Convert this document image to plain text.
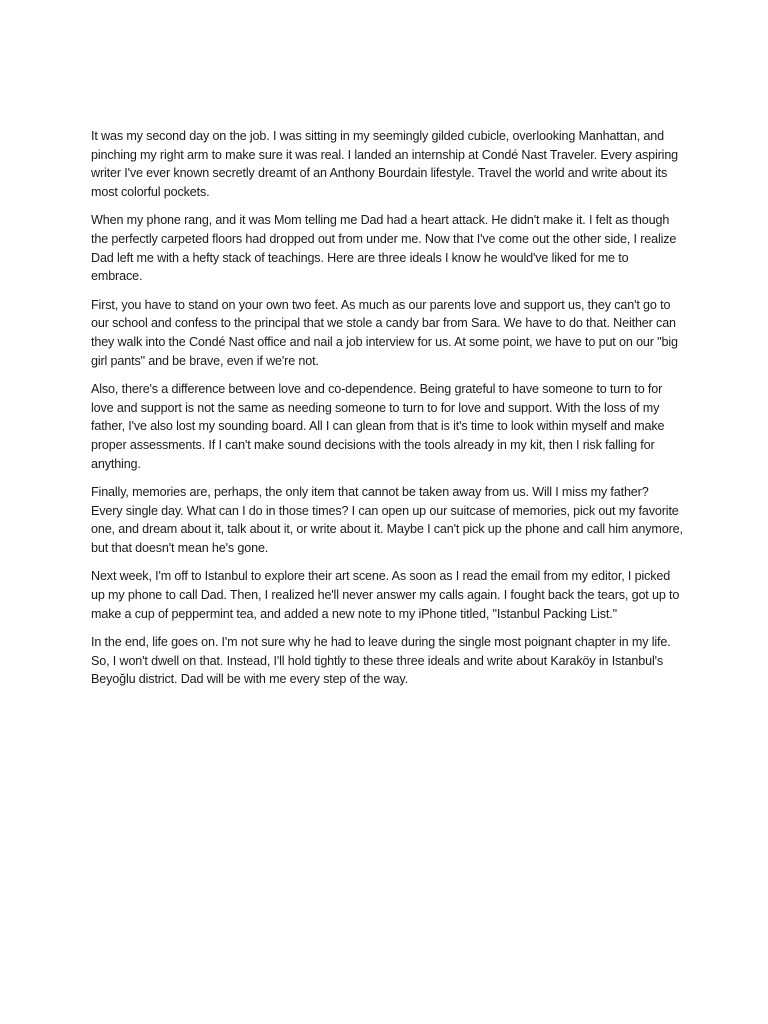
It was my second day on the job. I was sitting in my seemingly gilded cubicle, overlooking Manhattan, and pinching my right arm to make sure it was real. I landed an internship at Condé Nast Traveler. Every aspiring writer I've ever known secretly dreamt of an Anthony Bourdain lifestyle. Travel the world and write about its most colorful pockets.

When my phone rang, and it was Mom telling me Dad had a heart attack. He didn't make it. I felt as though the perfectly carpeted floors had dropped out from under me. Now that I've come out the other side, I realize Dad left me with a hefty stack of teachings. Here are three ideals I know he would've liked for me to embrace.

First, you have to stand on your own two feet. As much as our parents love and support us, they can't go to our school and confess to the principal that we stole a candy bar from Sara. We have to do that. Neither can they walk into the Condé Nast office and nail a job interview for us. At some point, we have to put on our "big girl pants" and be brave, even if we're not.

Also, there's a difference between love and co-dependence. Being grateful to have someone to turn to for love and support is not the same as needing someone to turn to for love and support. With the loss of my father, I've also lost my sounding board. All I can glean from that is it's time to look within myself and make proper assessments. If I can't make sound decisions with the tools already in my kit, then I risk falling for anything.

Finally, memories are, perhaps, the only item that cannot be taken away from us. Will I miss my father? Every single day. What can I do in those times? I can open up our suitcase of memories, pick out my favorite one, and dream about it, talk about it, or write about it. Maybe I can't pick up the phone and call him anymore, but that doesn't mean he's gone.

Next week, I'm off to Istanbul to explore their art scene. As soon as I read the email from my editor, I picked up my phone to call Dad. Then, I realized he'll never answer my calls again. I fought back the tears, got up to make a cup of peppermint tea, and added a new note to my iPhone titled, "Istanbul Packing List."

In the end, life goes on. I'm not sure why he had to leave during the single most poignant chapter in my life. So, I won't dwell on that. Instead, I'll hold tightly to these three ideals and write about Karaköy in Istanbul's Beyoğlu district. Dad will be with me every step of the way.
